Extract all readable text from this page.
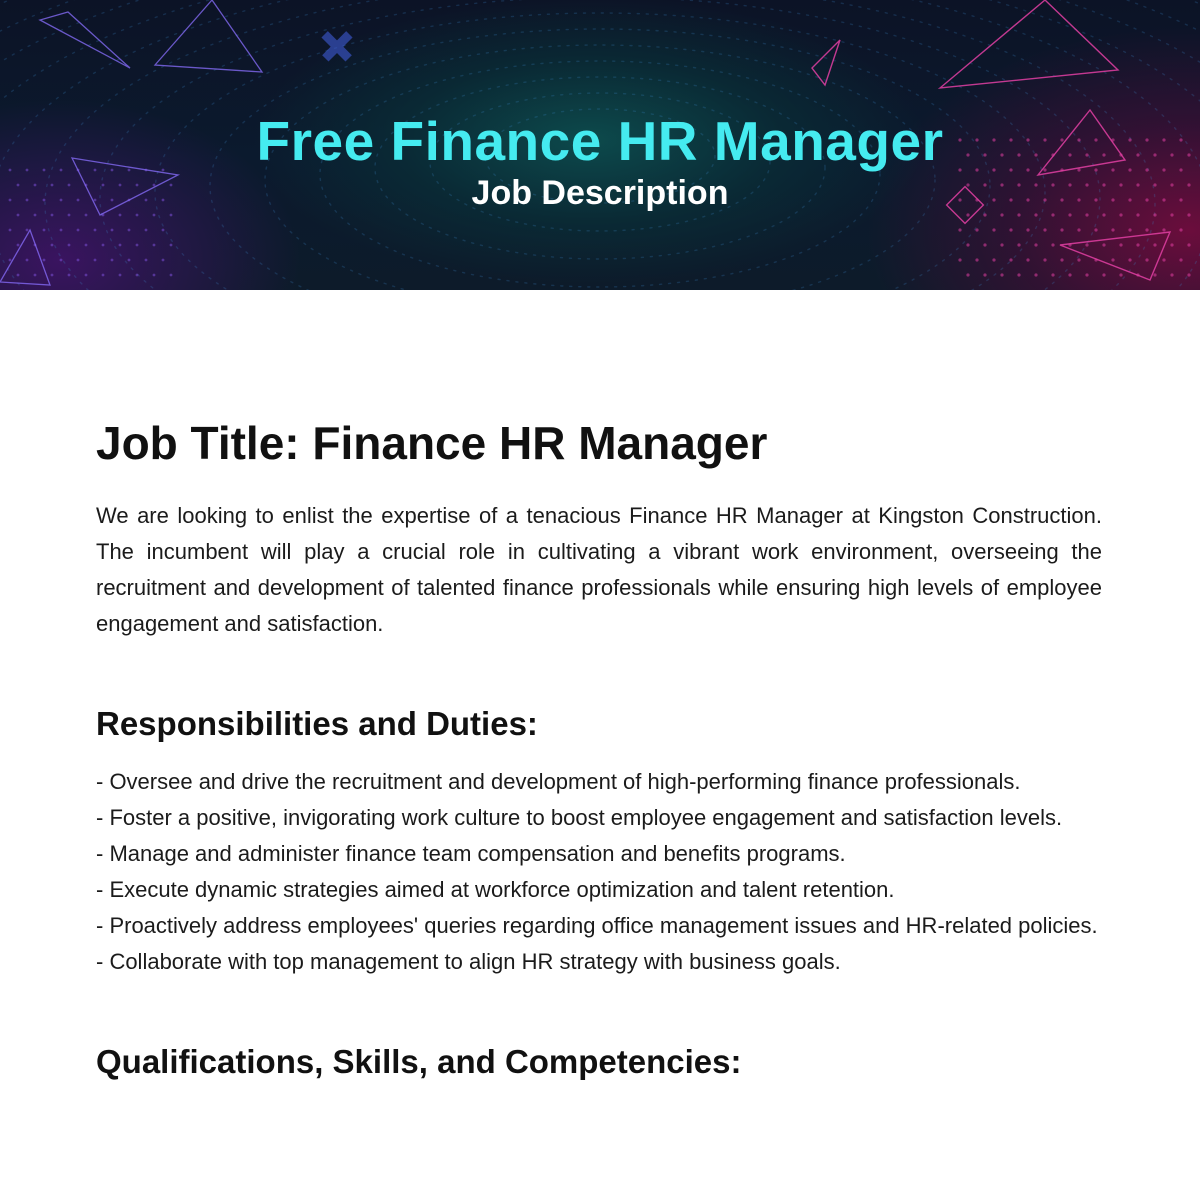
Free Finance HR Manager
Job Description
Job Title: Finance HR Manager

We are looking to enlist the expertise of a tenacious Finance HR Manager at Kingston Construction. The incumbent will play a crucial role in cultivating a vibrant work environment, overseeing the recruitment and development of talented finance professionals while ensuring high levels of employee engagement and satisfaction.

Responsibilities and Duties:

- Oversee and drive the recruitment and development of high-performing finance professionals.

- Foster a positive, invigorating work culture to boost employee engagement and satisfaction levels.

- Manage and administer finance team compensation and benefits programs.

- Execute dynamic strategies aimed at workforce optimization and talent retention.

- Proactively address employees' queries regarding office management issues and HR-related policies.

- Collaborate with top management to align HR strategy with business goals.

Qualifications, Skills, and Competencies:
